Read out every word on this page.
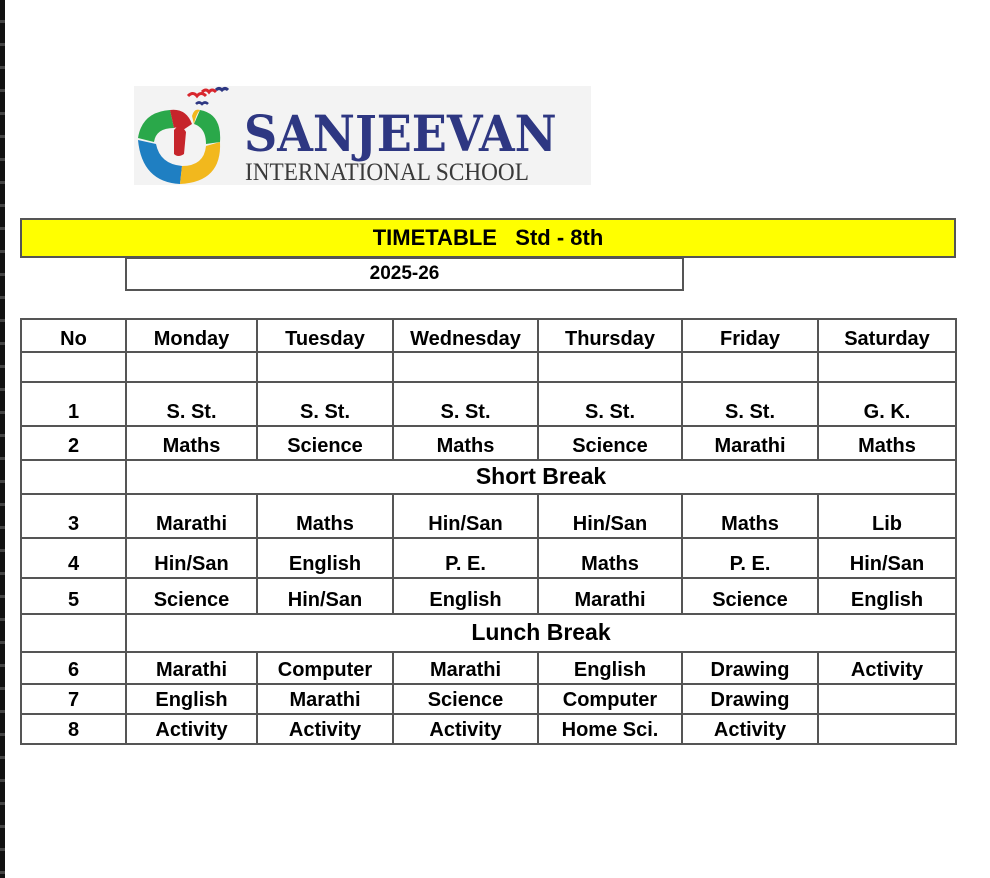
SANJEEVAN
INTERNATIONAL SCHOOL
TIMETABLE   Std - 8th
2025-26
No	Monday	Tuesday	Wednesday	Thursday	Friday	Saturday

1	S. St.	S. St.	S. St.	S. St.	S. St.	G. K.
2	Maths	Science	Maths	Science	Marathi	Maths
	Short Break					
3	Marathi	Maths	Hin/San	Hin/San	Maths	Lib
4	Hin/San	English	P. E.	Maths	P. E.	Hin/San
5	Science	Hin/San	English	Marathi	Science	English
	Lunch Break					
6	Marathi	Computer	Marathi	English	Drawing	Activity
7	English	Marathi	Science	Computer	Drawing	
8	Activity	Activity	Activity	Home Sci.	Activity	
